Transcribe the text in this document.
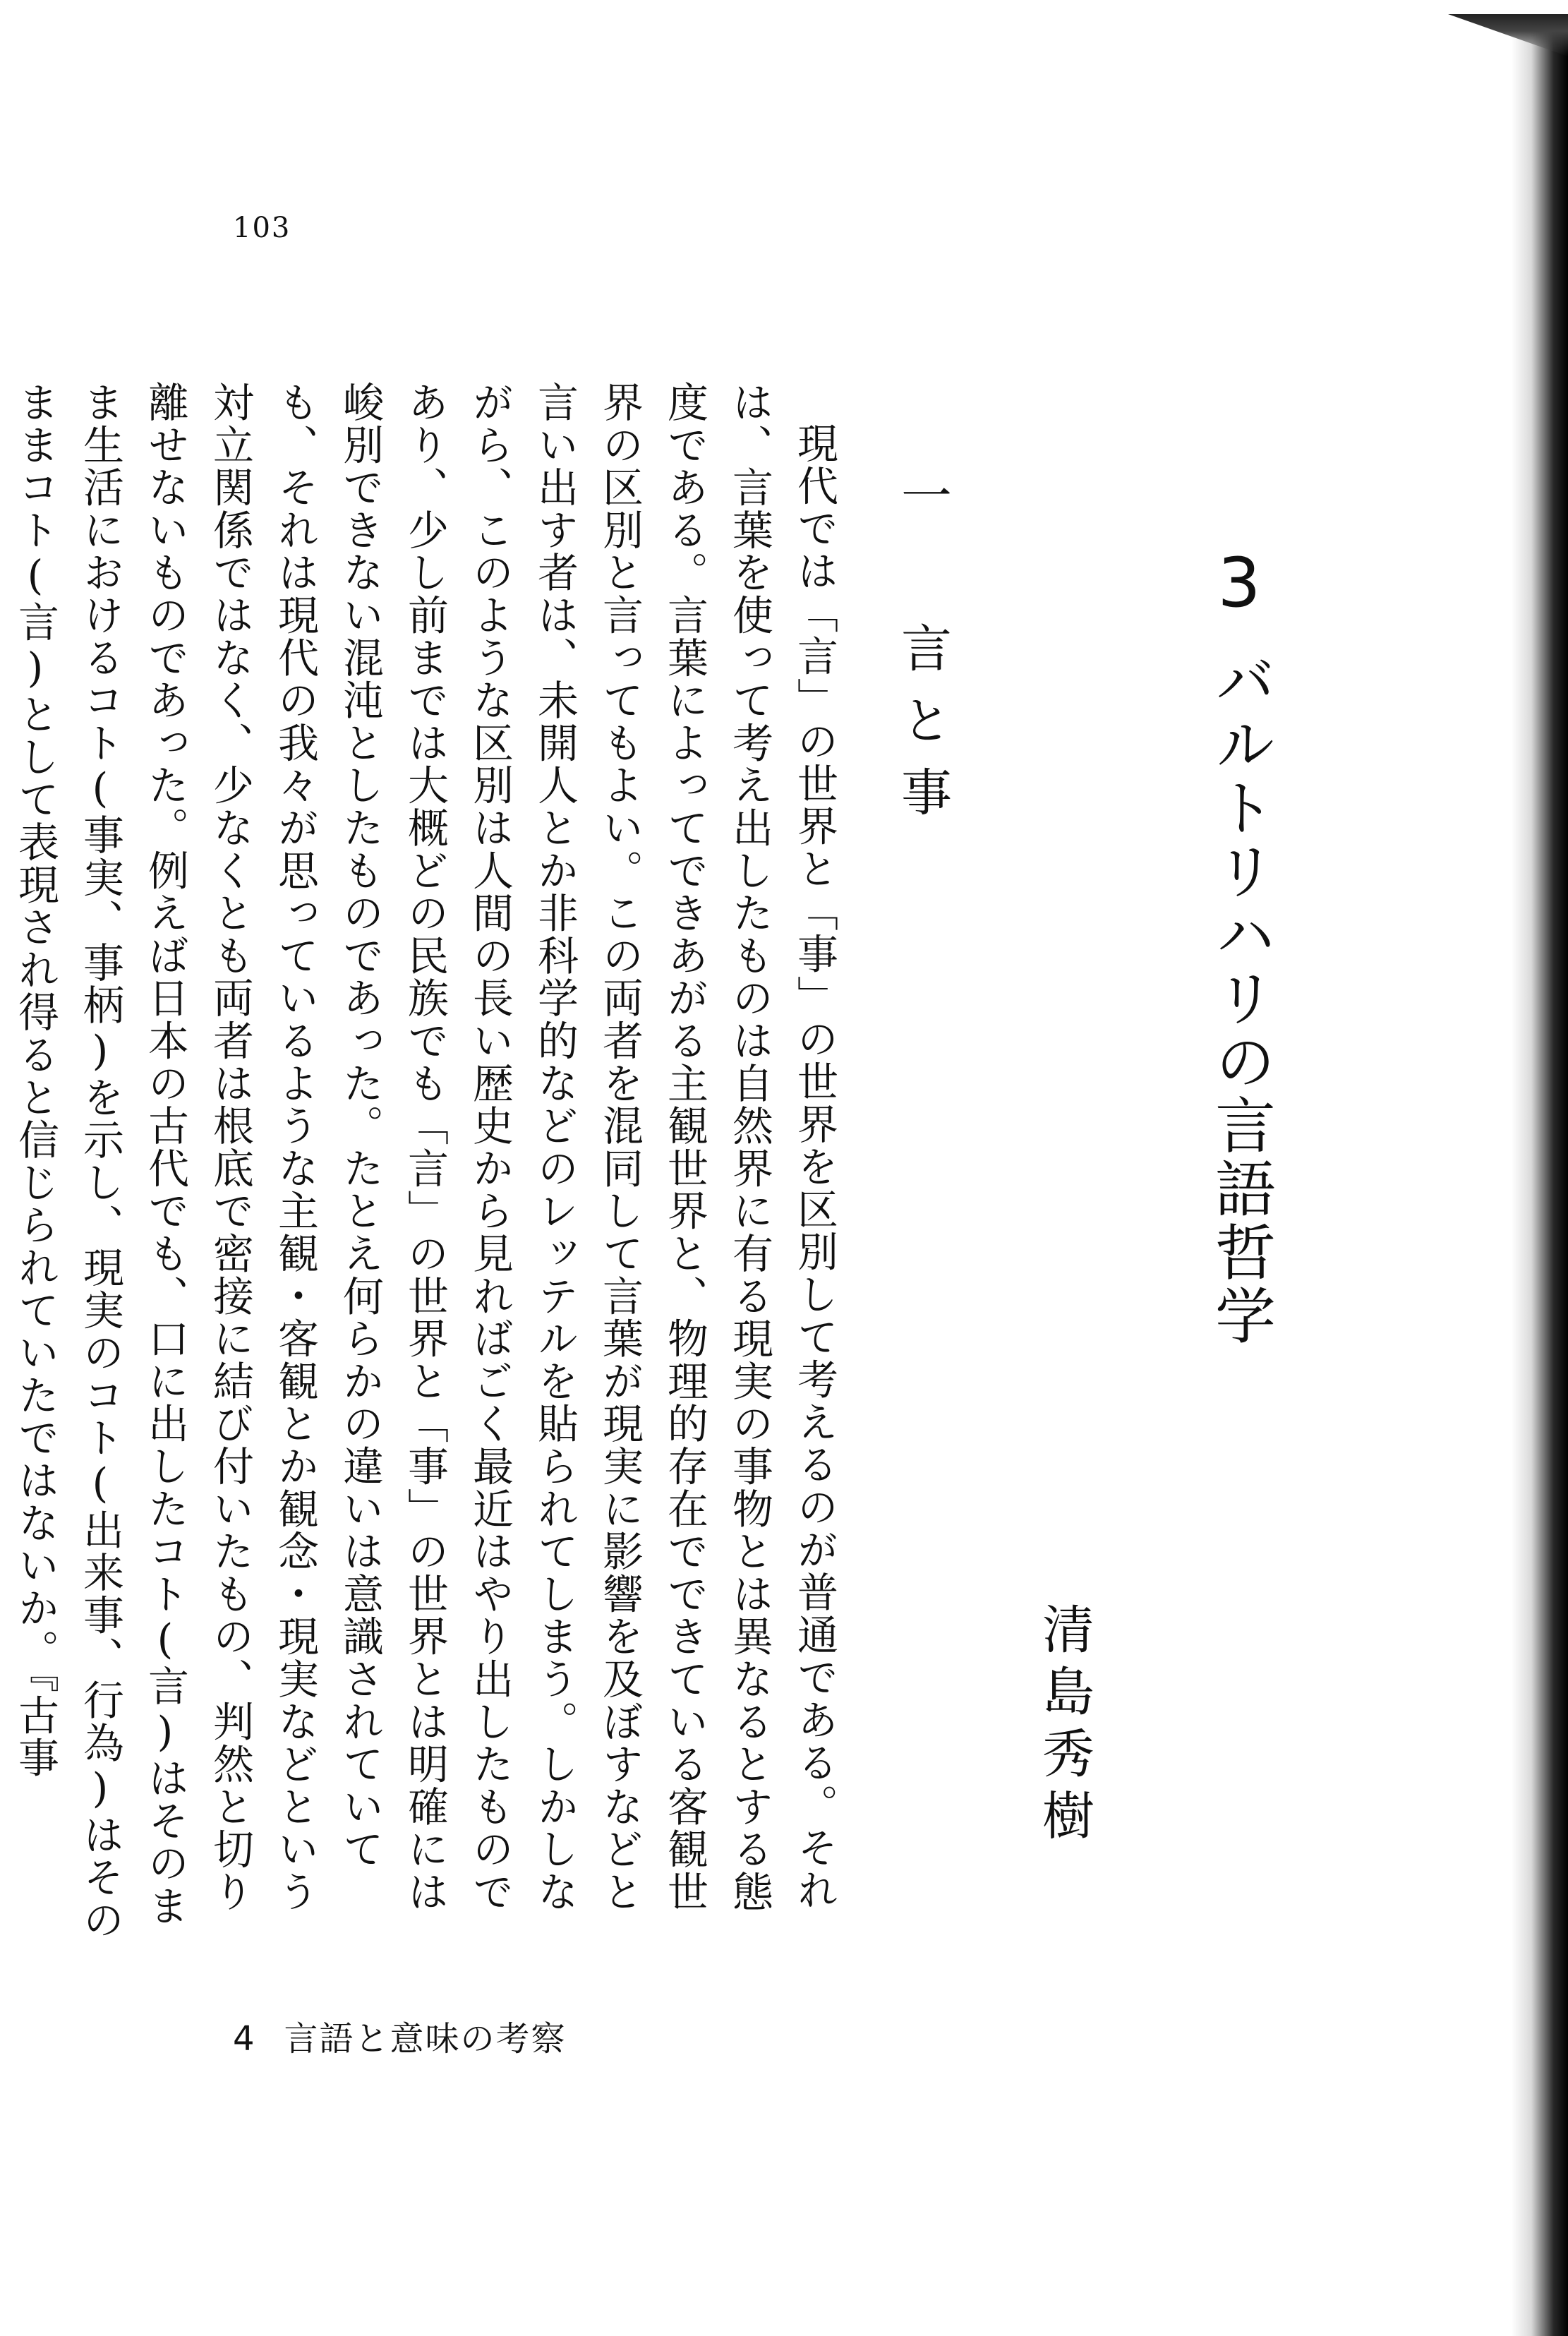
103
3
バルトリハリの言語哲学
清島秀樹
一 言と事

現代では「言」の世界と「事」の世界を区別して考えるのが普通である。それは、言葉を使って考え出したものは自然界に有る現実の事物とは異なるとする態度である。言葉によってできあがる主観世界と、物理的存在でできている客観世界の区別と言ってもよい。この両者を混同して言葉が現実に影響を及ぼすなどと言い出す者は、未開人とか非科学的などのレッテルを貼られてしまう。しかしながら、このような区別は人間の長い歴史から見ればごく最近はやり出したものであり、少し前までは大概どの民族でも「言」の世界と「事」の世界とは明確には峻別できない混沌としたものであった。たとえ何らかの違いは意識されていても、それは現代の我々が思っているような主観・客観とか観念・現実などという対立関係ではなく、少なくとも両者は根底で密接に結び付いたもの、判然と切り離せないものであった。例えば日本の古代でも、口に出したコト(言)はそのまま生活におけるコト(事実、事柄)を示し、現実のコト(出来事、行為)はそのままコト(言)として表現され得ると信じられていたではないか。『古事

4 言語と意味の考察
